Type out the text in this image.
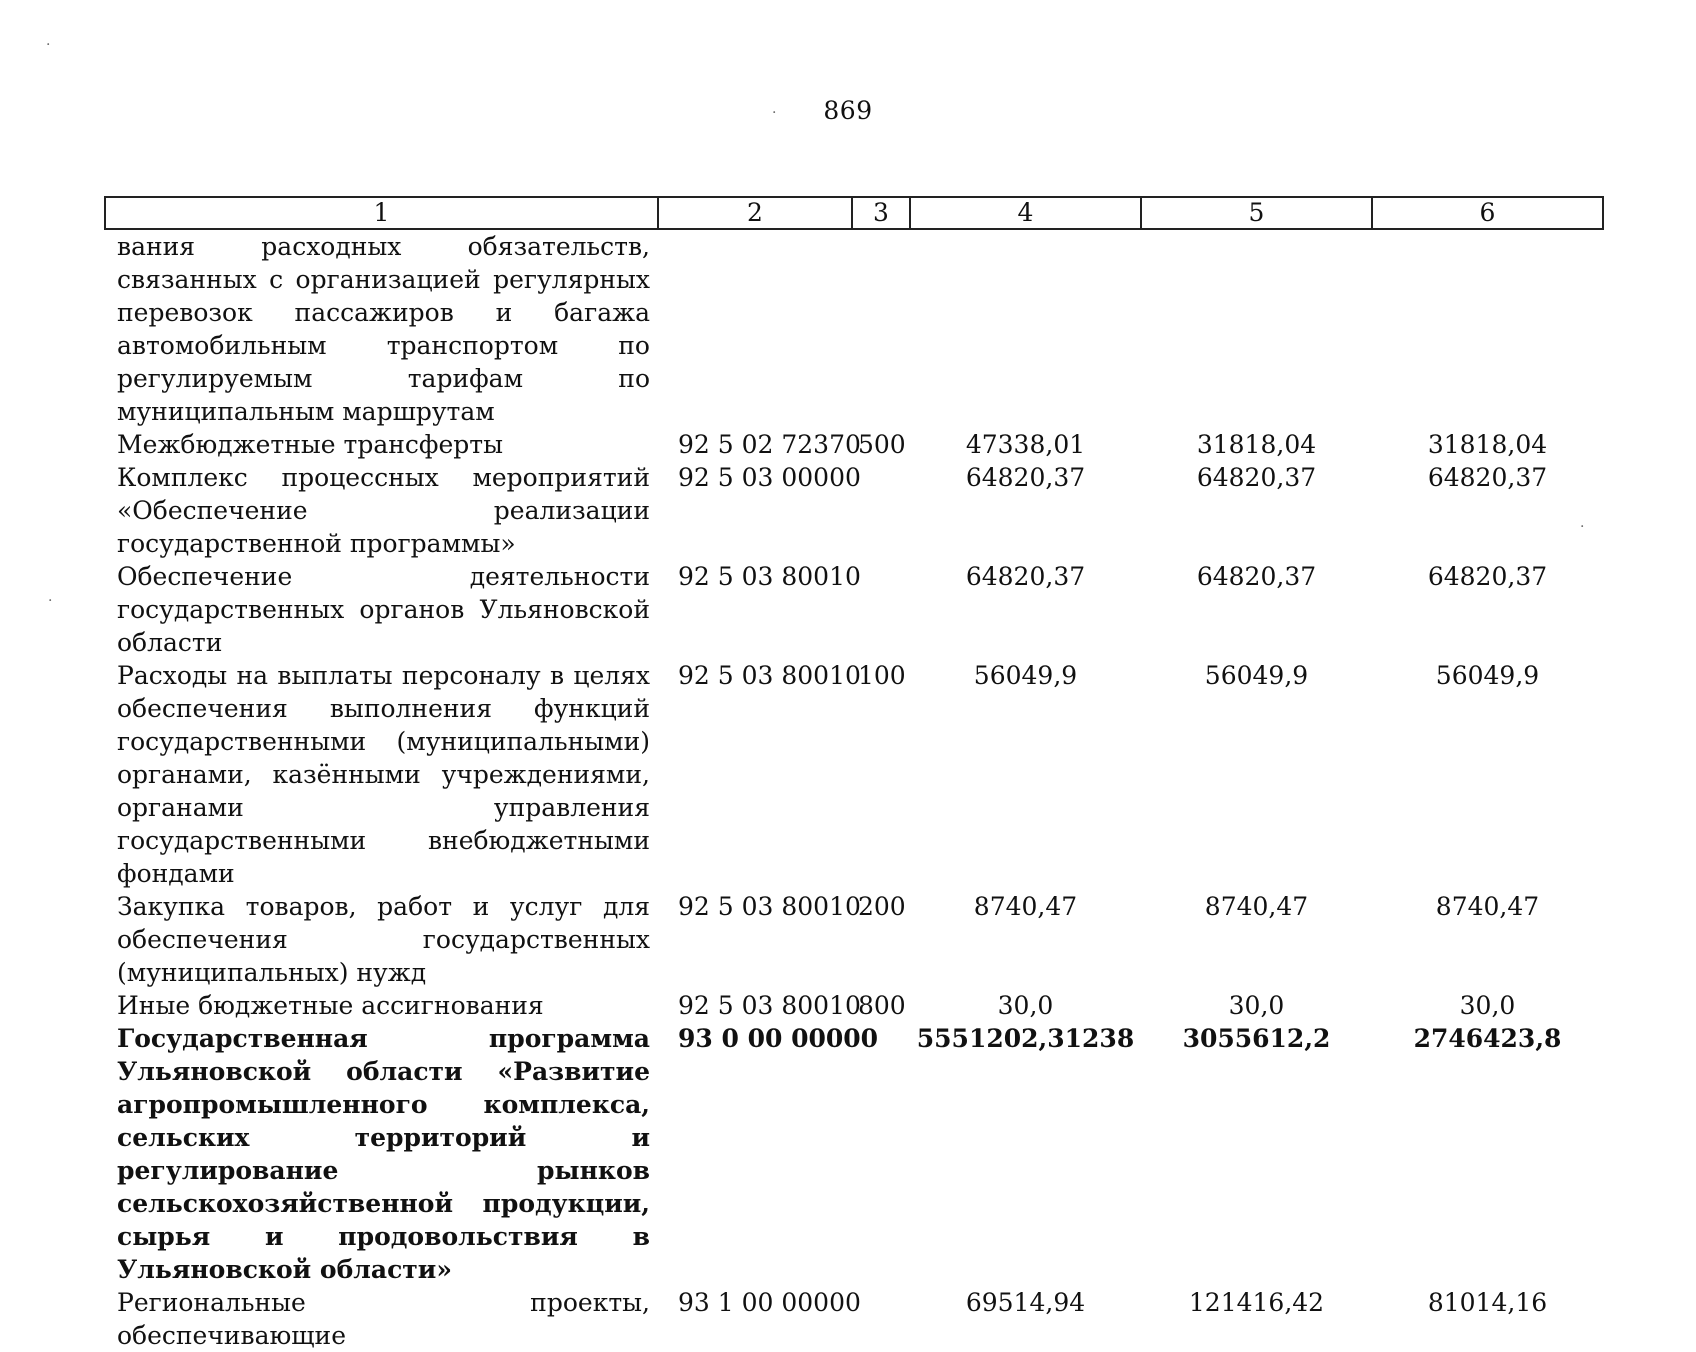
869
1	2	3	4	5	6
вания расходных обязательств, связанных с организацией регулярных перевозок пассажиров и багажа автомобильным транспортом по регулируемым тарифам по муниципальным маршрутам					
Межбюджетные трансферты	92 5 02 72370	500	47338,01	31818,04	31818,04
Комплекс процессных мероприятий «Обеспечение реализации государственной программы»	92 5 03 00000		64820,37	64820,37	64820,37
Обеспечение деятельности государственных органов Ульяновской области	92 5 03 80010		64820,37	64820,37	64820,37
Расходы на выплаты персоналу в целях обеспечения выполнения функций государственными (муниципальными) органами, казёнными учреждениями, органами управления государственными внебюджетными фондами	92 5 03 80010	100	56049,9	56049,9	56049,9
Закупка товаров, работ и услуг для обеспечения государственных (муниципальных) нужд	92 5 03 80010	200	8740,47	8740,47	8740,47
Иные бюджетные ассигнования	92 5 03 80010	800	30,0	30,0	30,0
Государственная программа Ульяновской области «Развитие агропромышленного комплекса, сельских территорий и регулирование рынков сельскохозяйственной продукции, сырья и продовольствия в Ульяновской области»	93 0 00 00000		5551202,31238	3055612,2	2746423,8
Региональные проекты, обеспечивающие	93 1 00 00000		69514,94	121416,42	81014,16
·
·
·
·
